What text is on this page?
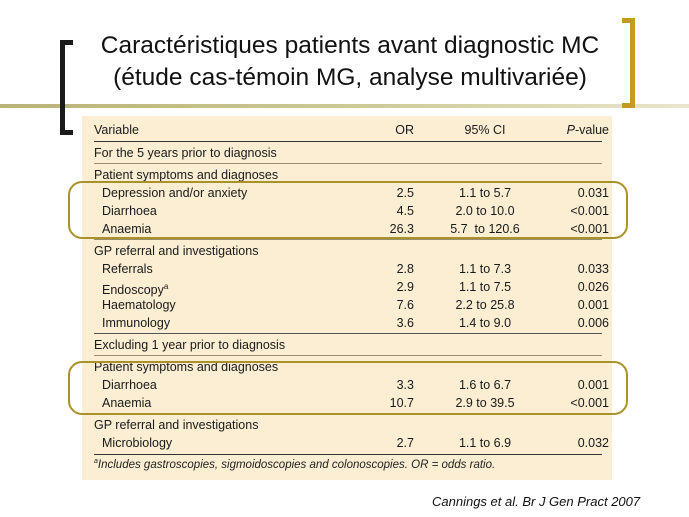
Caractéristiques patients avant diagnostic MC
(étude cas-témoin MG, analyse multivariée)
Variable	OR	95% CI	P-value
For the 5 years prior to diagnosis
Patient symptoms and diagnoses
Depression and/or anxiety	2.5	1.1 to 5.7	0.031
Diarrhoea	4.5	2.0 to 10.0	<0.001
Anaemia	26.3	5.7  to 120.6	<0.001
GP referral and investigations
Referrals	2.8	1.1 to 7.3	0.033
Endoscopy$^a$	2.9	1.1 to 7.5	0.026
Haematology	7.6	2.2 to 25.8	0.001
Immunology	3.6	1.4 to 9.0	0.006
Excluding 1 year prior to diagnosis
Patient symptoms and diagnoses
Diarrhoea	3.3	1.6 to 6.7	0.001
Anaemia	10.7	2.9 to 39.5	<0.001
GP referral and investigations
Microbiology	2.7	1.1 to 6.9	0.032
$^a$Includes gastroscopies, sigmoidoscopies and colonoscopies. OR = odds ratio.
Cannings et al. Br J Gen Pract 2007
